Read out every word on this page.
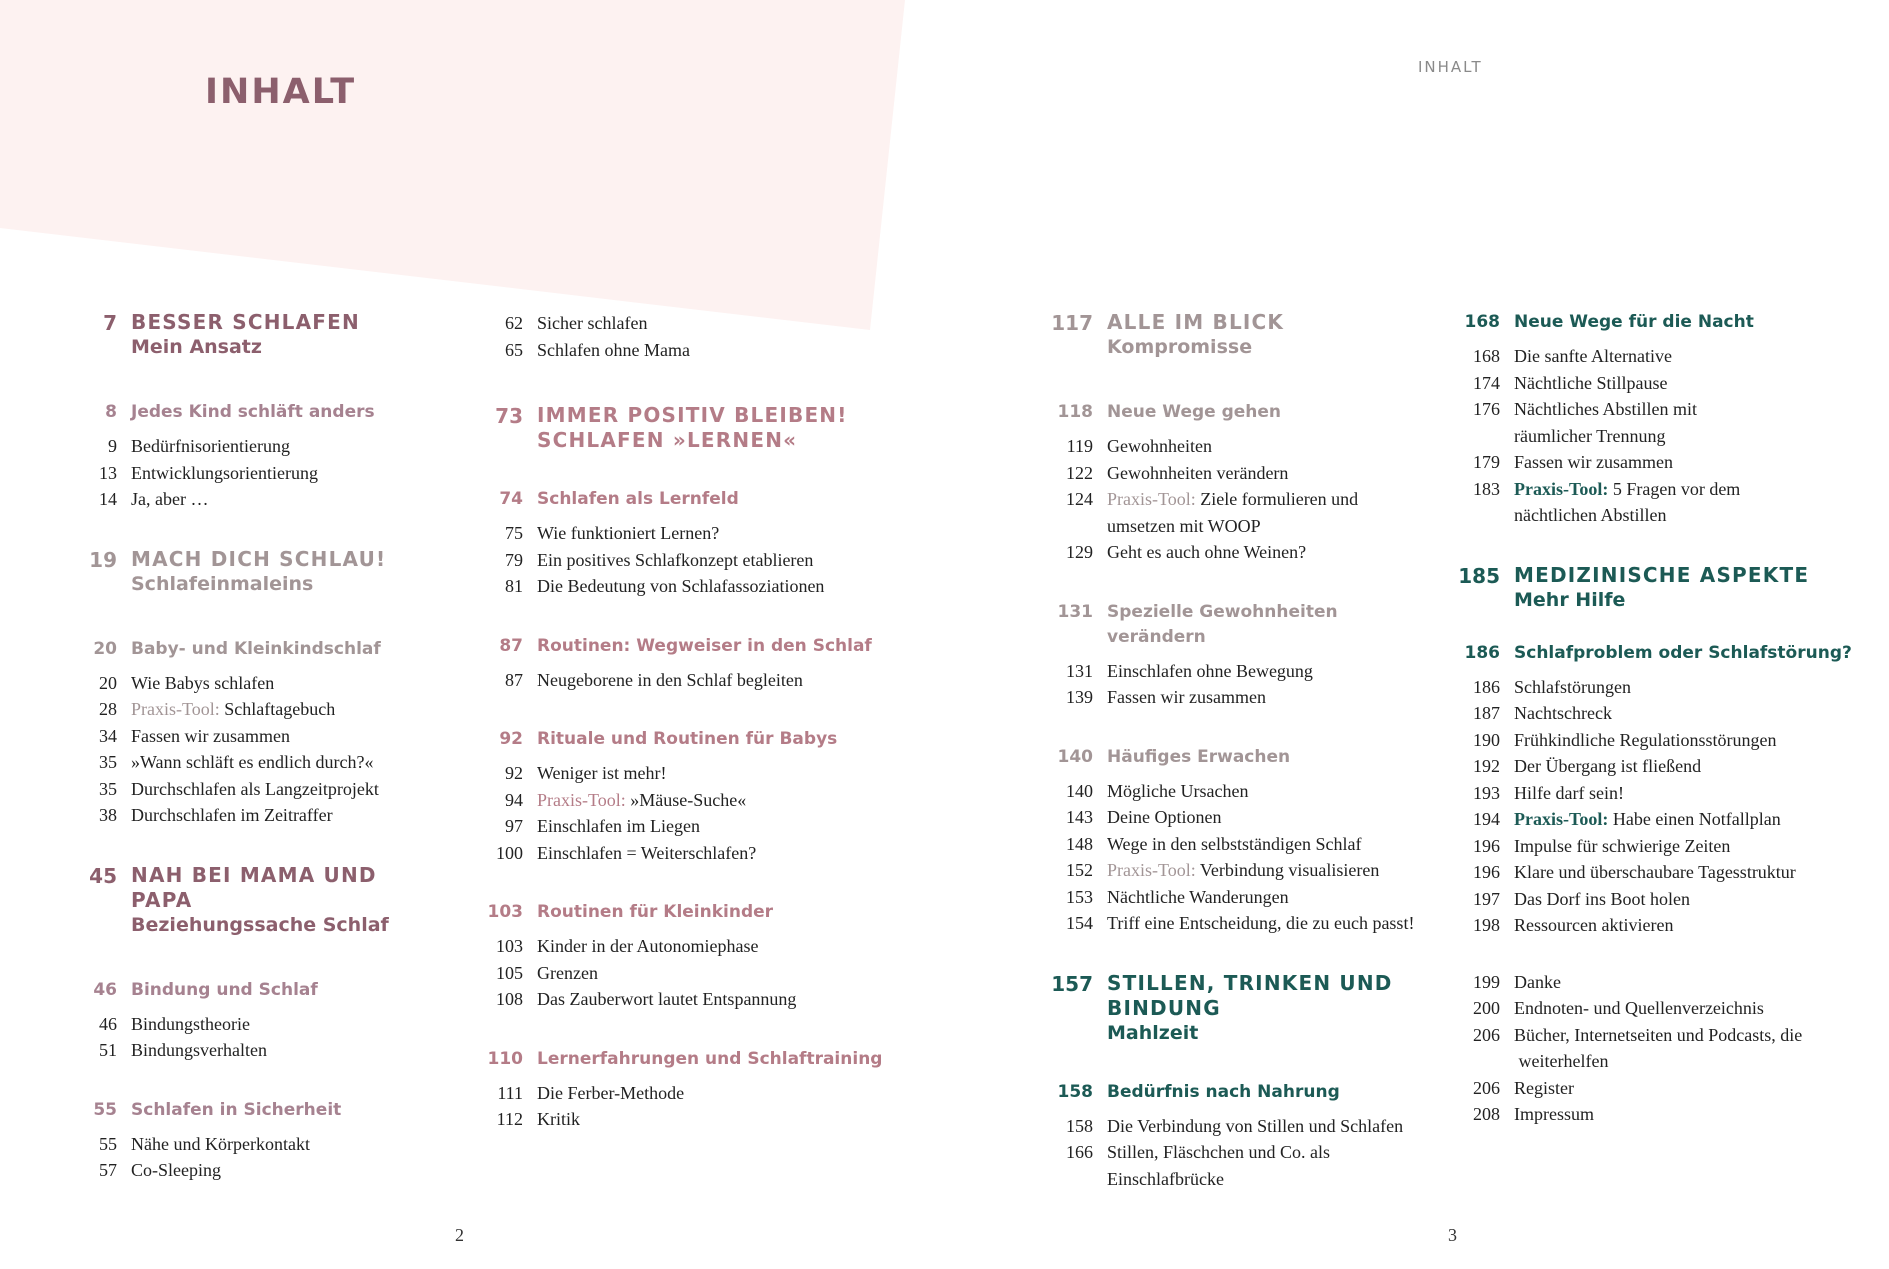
INHALT
INHALT
7 BESSER SCHLAFEN
Mein Ansatz
8 Jedes Kind schläft anders
9 Bedürfnisorientierung
13 Entwicklungsorientierung
14 Ja, aber …
19 MACH DICH SCHLAU!
Schlafeinmaleins
20 Baby- und Kleinkindschlaf
20 Wie Babys schlafen
28 Praxis-Tool: Schlaftagebuch
34 Fassen wir zusammen
35 »Wann schläft es endlich durch?«
35 Durchschlafen als Langzeitprojekt
38 Durchschlafen im Zeitraffer
45 NAH BEI MAMA UND PAPA
Beziehungssache Schlaf
46 Bindung und Schlaf
46 Bindungstheorie
51 Bindungsverhalten
55 Schlafen in Sicherheit
55 Nähe und Körperkontakt
57 Co-Sleeping
62 Sicher schlafen
65 Schlafen ohne Mama
73 IMMER POSITIV BLEIBEN!
SCHLAFEN »LERNEN«
74 Schlafen als Lernfeld
75 Wie funktioniert Lernen?
79 Ein positives Schlafkonzept etablieren
81 Die Bedeutung von Schlafassoziationen
87 Routinen: Wegweiser in den Schlaf
87 Neugeborene in den Schlaf begleiten
92 Rituale und Routinen für Babys
92 Weniger ist mehr!
94 Praxis-Tool: »Mäuse-Suche«
97 Einschlafen im Liegen
100 Einschlafen = Weiterschlafen?
103 Routinen für Kleinkinder
103 Kinder in der Autonomiephase
105 Grenzen
108 Das Zauberwort lautet Entspannung
110 Lernerfahrungen und Schlaftraining
111 Die Ferber-Methode
112 Kritik
117 ALLE IM BLICK
Kompromisse
118 Neue Wege gehen
119 Gewohnheiten
122 Gewohnheiten verändern
124 Praxis-Tool: Ziele formulieren und
umsetzen mit WOOP
129 Geht es auch ohne Weinen?
131 Spezielle Gewohnheiten verändern
131 Einschlafen ohne Bewegung
139 Fassen wir zusammen
140 Häufiges Erwachen
140 Mögliche Ursachen
143 Deine Optionen
148 Wege in den selbstständigen Schlaf
152 Praxis-Tool: Verbindung visualisieren
153 Nächtliche Wanderungen
154 Triff eine Entscheidung, die zu euch passt!
157 STILLEN, TRINKEN UND
BINDUNG
Mahlzeit
158 Bedürfnis nach Nahrung
158 Die Verbindung von Stillen und Schlafen
166 Stillen, Fläschchen und Co. als
Einschlafbrücke
168 Neue Wege für die Nacht
168 Die sanfte Alternative
174 Nächtliche Stillpause
176 Nächtliches Abstillen mit
räumlicher Trennung
179 Fassen wir zusammen
183 Praxis-Tool: 5 Fragen vor dem
nächtlichen Abstillen
185 MEDIZINISCHE ASPEKTE
Mehr Hilfe
186 Schlafproblem oder Schlafstörung?
186 Schlafstörungen
187 Nachtschreck
190 Frühkindliche Regulationsstörungen
192 Der Übergang ist fließend
193 Hilfe darf sein!
194 Praxis-Tool: Habe einen Notfallplan
196 Impulse für schwierige Zeiten
196 Klare und überschaubare Tagesstruktur
197 Das Dorf ins Boot holen
198 Ressourcen aktivieren
199 Danke
200 Endnoten- und Quellenverzeichnis
206 Bücher, Internetseiten und Podcasts, die
weiterhelfen
206 Register
208 Impressum
2	3
